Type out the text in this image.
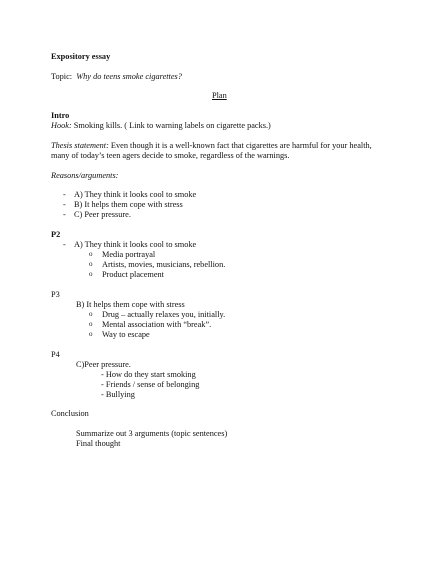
Expository essay
Topic: Why do teens smoke cigarettes?
Plan
Intro
Hook: Smoking kills. ( Link to warning labels on cigarette packs.)
Thesis statement: Even though it is a well-known fact that cigarettes are harmful for your health,
many of today’s teen agers decide to smoke, regardless of the warnings.
Reasons/arguments:
- A) They think it looks cool to smoke
- B) It helps them cope with stress
- C) Peer pressure.
P2
- A) They think it looks cool to smoke
o Media portrayal
o Artists, movies, musicians, rebellion.
o Product placement
P3
B) It helps them cope with stress
o Drug – actually relaxes you, initially.
o Mental association with “break”.
o Way to escape
P4
C)Peer pressure.
- How do they start smoking
- Friends / sense of belonging
- Bullying
Conclusion
Summarize out 3 arguments (topic sentences)
Final thought
